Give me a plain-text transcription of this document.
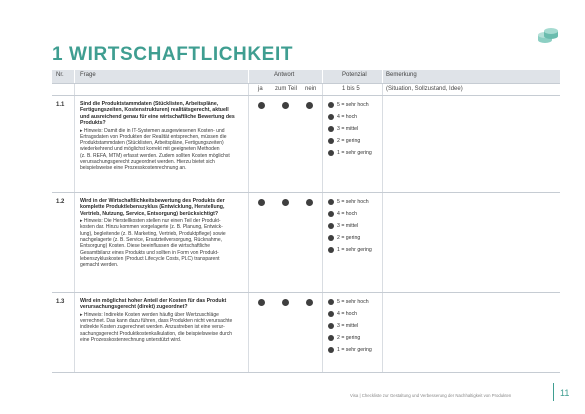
1 WIRTSCHAFTLICHKEIT
Nr.	Frage	Antwort	Potenzial	Bemerkung
ja zum Teil nein	1 bis 5	(Situation, Sollzustand, Idee)
1.1	Sind die Produktstammdaten (Stücklisten, Arbeitspläne,
Fertigungszeiten, Kostenstrukturen) realitätsgerecht, aktuell
und ausreichend genau für eine wirtschaftliche Bewertung des
Produkts?
▸ Hinweis: Damit die in IT-Systemen ausgewiesenen Kosten- und
Ertragsdaten von Produkten der Realität entsprechen, müssen die
Produktstammdaten (Stücklisten, Arbeitspläne, Fertigungszeiten)
wiederkehrend und möglichst korrekt mit geeigneten Methoden
(z. B. REFA, MTM) erfasst werden. Zudem sollten Kosten möglichst
verursachungsgerecht zugeordnet werden. Hierzu bietet sich
beispielsweise eine Prozesskostenrechnung an.
5 = sehr hoch
4 = hoch
3 = mittel
2 = gering
1 = sehr gering
1.2	Wird in der Wirtschaftlichkeitsbewertung des Produkts der
komplette Produktlebenszyklus (Entwicklung, Herstellung,
Vertrieb, Nutzung, Service, Entsorgung) berücksichtigt?
▸ Hinweis: Die Herstellkosten stellen nur einen Teil der Produkt-
kosten dar. Hinzu kommen vorgelagerte (z. B. Planung, Entwick-
lung), begleitende (z. B. Marketing, Vertrieb, Produktpflege) sowie
nachgelagerte (z. B. Service, Ersatzteilversorgung, Rücknahme,
Entsorgung) Kosten. Diese beeinflussen die wirtschaftliche
Gesamtbilanz eines Produkts und sollten in Form von Produkt-
lebenszykluskosten (Product Lifecycle Costs, PLC) transparent
gemacht werden.
5 = sehr hoch
4 = hoch
3 = mittel
2 = gering
1 = sehr gering
1.3	Wird ein möglichst hoher Anteil der Kosten für das Produkt
verursachungsgerecht (direkt) zugeordnet?
▸ Hinweis: Indirekte Kosten werden häufig über Wertzuschläge
verrechnet. Das kann dazu führen, dass Produkten nicht verursachte
indirekte Kosten zugerechnet werden. Anzustreben ist eine verur-
sachungsgerecht Produktkostenkalkulation, die beispielsweise durch
eine Prozesskostenrechnung unterstützt wird.
5 = sehr hoch
4 = hoch
3 = mittel
2 = gering
1 = sehr gering
Visa | Checkliste zur Gestaltung und Verbesserung der Nachhaltigkeit von Produkten	11
